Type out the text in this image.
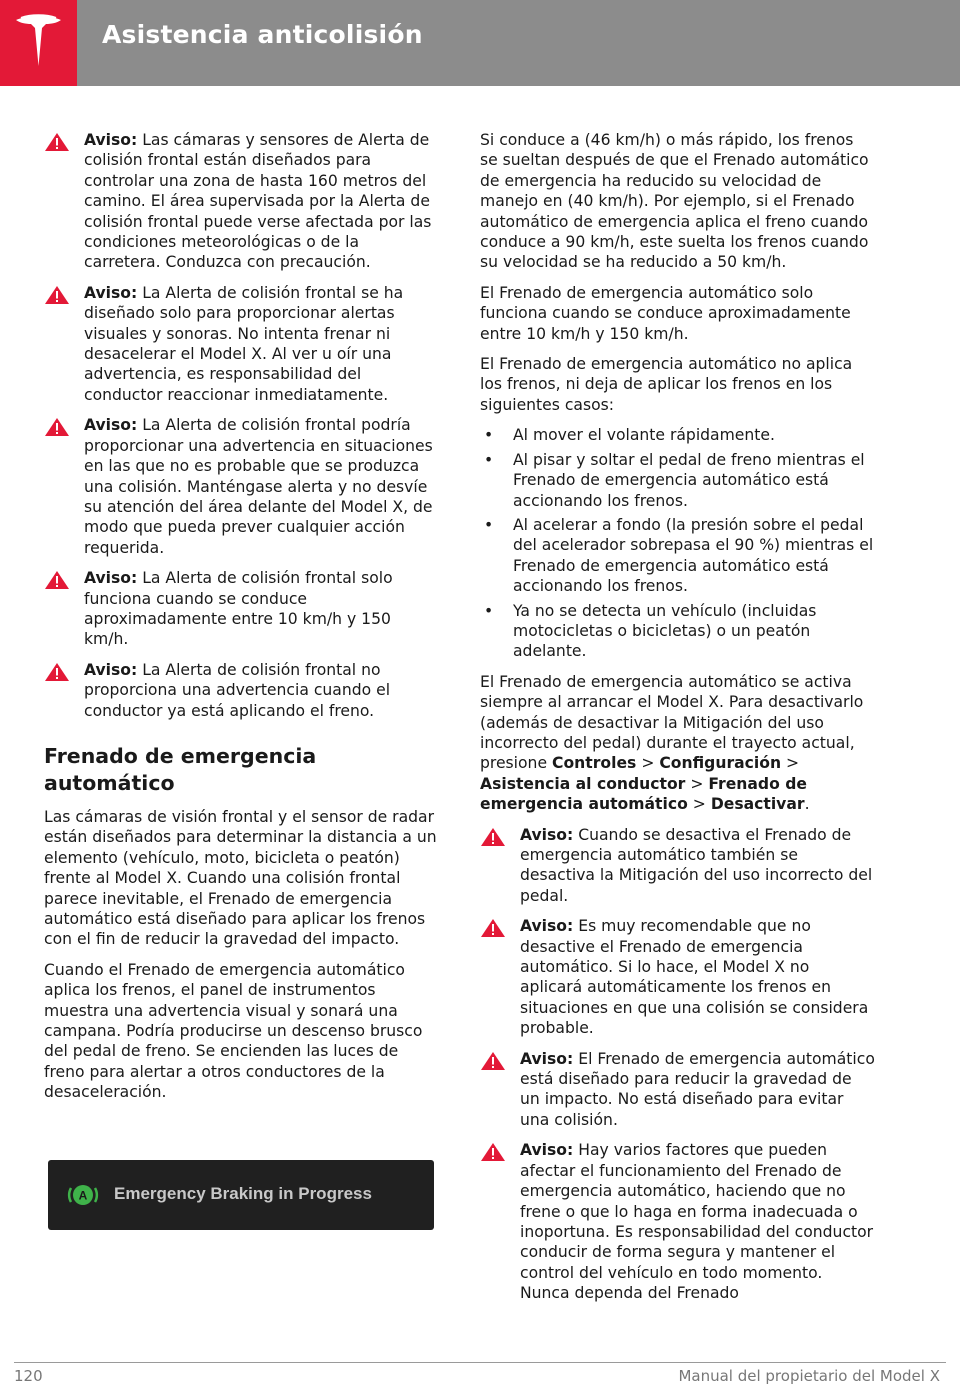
Asistencia anticolisión
Aviso: Las cámaras y sensores de Alerta de colisión frontal están diseñados para controlar una zona de hasta 160 metros del camino. El área supervisada por la Alerta de colisión frontal puede verse afectada por las condiciones meteorológicas o de la carretera. Conduzca con precaución.
Aviso: La Alerta de colisión frontal se ha diseñado solo para proporcionar alertas visuales y sonoras. No intenta frenar ni desacelerar el Model X. Al ver u oír una advertencia, es responsabilidad del conductor reaccionar inmediatamente.
Aviso: La Alerta de colisión frontal podría proporcionar una advertencia en situaciones en las que no es probable que se produzca una colisión. Manténgase alerta y no desvíe su atención del área delante del Model X, de modo que pueda prever cualquier acción requerida.
Aviso: La Alerta de colisión frontal solo funciona cuando se conduce aproximadamente entre 10 km/h y 150 km/h.
Aviso: La Alerta de colisión frontal no proporciona una advertencia cuando el conductor ya está aplicando el freno.
Frenado de emergencia automático

Las cámaras de visión frontal y el sensor de radar están diseñados para determinar la distancia a un elemento (vehículo, moto, bicicleta o peatón) frente al Model X. Cuando una colisión frontal parece inevitable, el Frenado de emergencia automático está diseñado para aplicar los frenos con el fin de reducir la gravedad del impacto.

Cuando el Frenado de emergencia automático aplica los frenos, el panel de instrumentos muestra una advertencia visual y sonará una campana. Podría producirse un descenso brusco del pedal de freno. Se encienden las luces de freno para alertar a otros conductores de la desaceleración.

A Emergency Braking in Progress

Si conduce a (46 km/h) o más rápido, los frenos se sueltan después de que el Frenado automático de emergencia ha reducido su velocidad de manejo en (40 km/h). Por ejemplo, si el Frenado automático de emergencia aplica el freno cuando conduce a 90 km/h, este suelta los frenos cuando su velocidad se ha reducido a 50 km/h.

El Frenado de emergencia automático solo funciona cuando se conduce aproximadamente entre 10 km/h y 150 km/h.

El Frenado de emergencia automático no aplica los frenos, ni deja de aplicar los frenos en los siguientes casos:

• Al mover el volante rápidamente.
• Al pisar y soltar el pedal de freno mientras el Frenado de emergencia automático está accionando los frenos.
• Al acelerar a fondo (la presión sobre el pedal del acelerador sobrepasa el 90 %) mientras el Frenado de emergencia automático está accionando los frenos.
• Ya no se detecta un vehículo (incluidas motocicletas o bicicletas) o un peatón adelante.

El Frenado de emergencia automático se activa siempre al arrancar el Model X. Para desactivarlo (además de desactivar la Mitigación del uso incorrecto del pedal) durante el trayecto actual, presione Controles > Configuración > Asistencia al conductor > Frenado de emergencia automático > Desactivar.

Aviso: Cuando se desactiva el Frenado de emergencia automático también se desactiva la Mitigación del uso incorrecto del pedal.
Aviso: Es muy recomendable que no desactive el Frenado de emergencia automático. Si lo hace, el Model X no aplicará automáticamente los frenos en situaciones en que una colisión se considera probable.
Aviso: El Frenado de emergencia automático está diseñado para reducir la gravedad de un impacto. No está diseñado para evitar una colisión.
Aviso: Hay varios factores que pueden afectar el funcionamiento del Frenado de emergencia automático, haciendo que no frene o que lo haga en forma inadecuada o inoportuna. Es responsabilidad del conductor conducir de forma segura y mantener el control del vehículo en todo momento. Nunca dependa del Frenado
120	Manual del propietario del Model X
